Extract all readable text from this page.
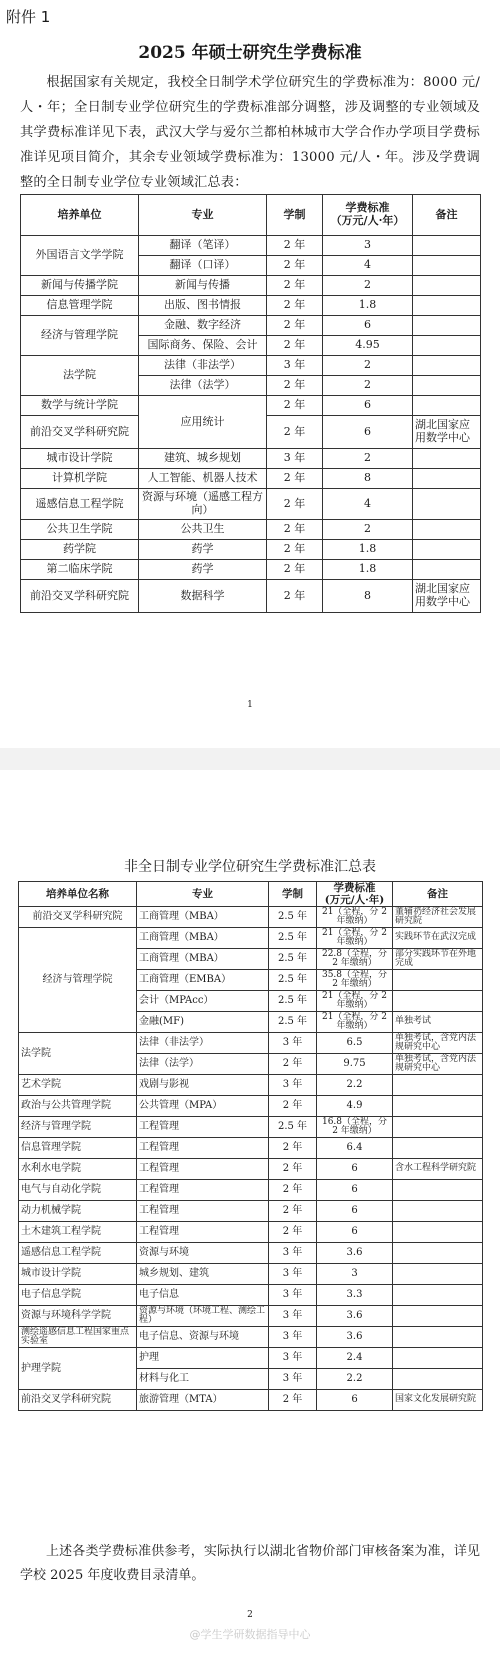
附件 1
2025 年硕士研究生学费标准
根据国家有关规定，我校全日制学术学位研究生的学费标准为：8000 元/人・年；全日制专业学位研究生的学费标准部分调整，涉及调整的专业领域及其学费标准详见下表，武汉大学与爱尔兰都柏林城市大学合作办学项目学费标准详见项目简介，其余专业领域学费标准为：13000 元/人・年。涉及学费调整的全日制专业学位专业领域汇总表：
培养单位	专业	学制	学费标准
（万元/人·年）	备注
外国语言文学学院	翻译（笔译）	2 年	3	
	翻译（口译）	2 年	4	
新闻与传播学院	新闻与传播	2 年	2	
信息管理学院	出版、图书情报	2 年	1.8	
经济与管理学院	金融、数字经济	2 年	6	
	国际商务、保险、会计	2 年	4.95	
法学院	法律（非法学）	3 年	2	
	法律（法学）	2 年	2	
数学与统计学院	应用统计	2 年	6	
前沿交叉学科研究院		2 年	6	湖北国家应用数学中心
城市设计学院	建筑、城乡规划	3 年	2	
计算机学院	人工智能、机器人技术	2 年	8	
遥感信息工程学院	资源与环境（遥感工程方向）	2 年	4	
公共卫生学院	公共卫生	2 年	2	
药学院	药学	2 年	1.8	
第二临床学院	药学	2 年	1.8	
前沿交叉学科研究院	数据科学	2 年	8	湖北国家应用数学中心
1
非全日制专业学位研究生学费标准汇总表
培养单位名称	专业	学制	学费标准
(万元/人·年)	备注
前沿交叉学科研究院	工商管理（MBA）	2.5 年	21（全程，分 2 年缴纳）	董辅礽经济社会发展研究院
经济与管理学院	工商管理（MBA）	2.5 年	21（全程，分 2 年缴纳）	实践环节在武汉完成
	工商管理（MBA）	2.5 年	22.8（全程，分 2 年缴纳）	部分实践环节在外地完成
	工商管理（EMBA）	2.5 年	35.8（全程，分 2 年缴纳）	
	会计（MPAcc）	2.5 年	21（全程，分 2 年缴纳）	
	金融(MF)	2.5 年	21（全程，分 2 年缴纳）	单独考试
法学院	法律（非法学）	3 年	6.5	单独考试，含党内法规研究中心
	法律（法学）	2 年	9.75	单独考试，含党内法规研究中心
艺术学院	戏剧与影视	3 年	2.2	
政治与公共管理学院	公共管理（MPA）	2 年	4.9	
经济与管理学院	工程管理	2.5 年	16.8（全程，分 2 年缴纳）	
信息管理学院	工程管理	2 年	6.4	
水利水电学院	工程管理	2 年	6	含水工程科学研究院
电气与自动化学院	工程管理	2 年	6	
动力机械学院	工程管理	2 年	6	
土木建筑工程学院	工程管理	2 年	6	
遥感信息工程学院	资源与环境	3 年	3.6	
城市设计学院	城乡规划、建筑	3 年	3	
电子信息学院	电子信息	3 年	3.3	
资源与环境科学学院	资源与环境（环境工程、测绘工程）	3 年	3.6	
测绘遥感信息工程国家重点实验室	电子信息、资源与环境	3 年	3.6	
护理学院	护理	3 年	2.4	
	材料与化工	3 年	2.2	
前沿交叉学科研究院	旅游管理（MTA）	2 年	6	国家文化发展研究院
上述各类学费标准供参考，实际执行以湖北省物价部门审核备案为准，详见学校 2025 年度收费目录清单。
2
@学生学研数据指导中心
